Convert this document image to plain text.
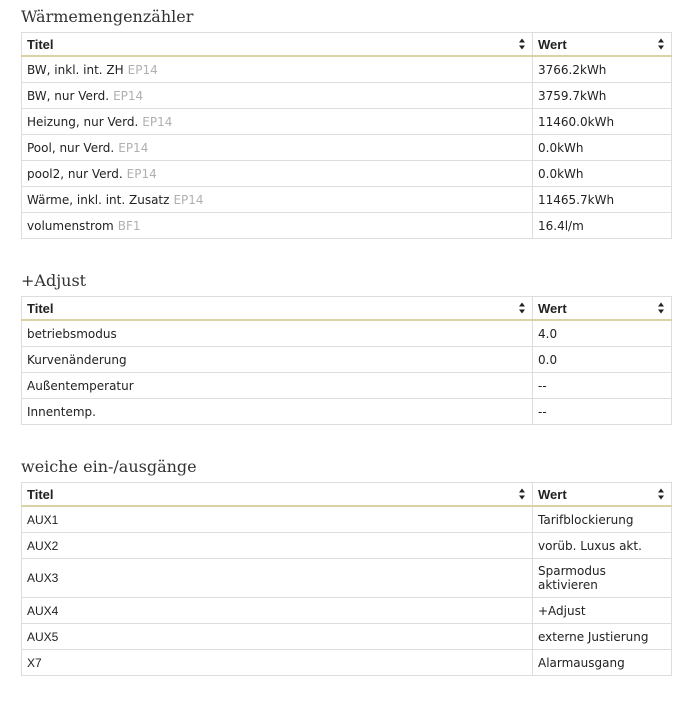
Wärmemengenzähler
Titel	Wert

BW, inkl. int. ZH EP14	3766.2kWh
BW, nur Verd. EP14	3759.7kWh
Heizung, nur Verd. EP14	11460.0kWh
Pool, nur Verd. EP14	0.0kWh
pool2, nur Verd. EP14	0.0kWh
Wärme, inkl. int. Zusatz EP14	11465.7kWh
volumenstrom BF1	16.4l/m
+Adjust
Titel	Wert

betriebsmodus	4.0
Kurvenänderung	0.0
Außentemperatur	--
Innentemp.	--
weiche ein-/ausgänge
Titel	Wert

AUX1	Tarifblockierung
AUX2	vorüb. Luxus akt.
AUX3	Sparmodus aktivieren
AUX4	+Adjust
AUX5	externe Justierung
X7	Alarmausgang
